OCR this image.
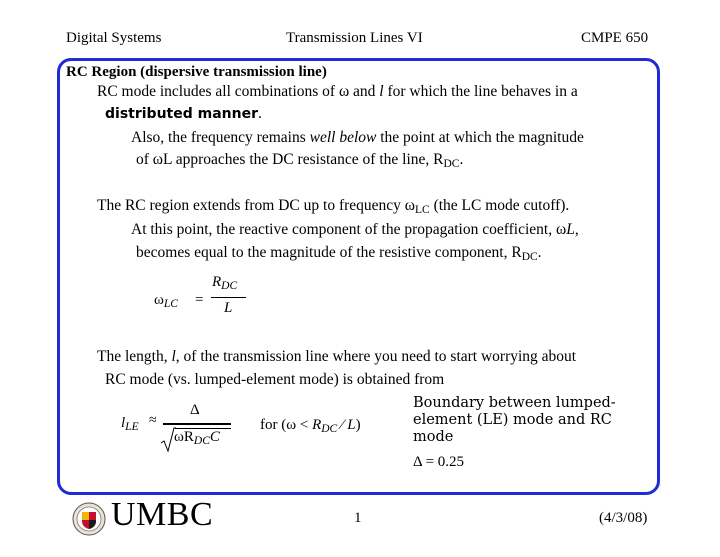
Digital Systems	Transmission Lines VI	CMPE 650
RC Region (dispersive transmission line)
RC mode includes all combinations of ω and l for which the line behaves in a
distributed manner.
Also, the frequency remains well below the point at which the magnitude
of ωL approaches the DC resistance of the line, $R_{DC}$.
The RC region extends from DC up to frequency $\omega_{LC}$ (the LC mode cutoff).
At this point, the reactive component of the propagation coefficient, ωL,
becomes equal to the magnitude of the resistive component, $R_{DC}$.
$\omega_{LC}$ =
$R_{DC}$
L
The length, l, of the transmission line where you need to start worrying about
RC mode (vs. lumped-element mode) is obtained from
$l_{LE}$ ≈
Δ
$\omega R_{DC}C$
for ($\omega < R_{DC}$ ⁄ L)
Boundary between lumped-
element (LE) mode and RC
mode
Δ = 0.25
UMBC	1	(4/3/08)
